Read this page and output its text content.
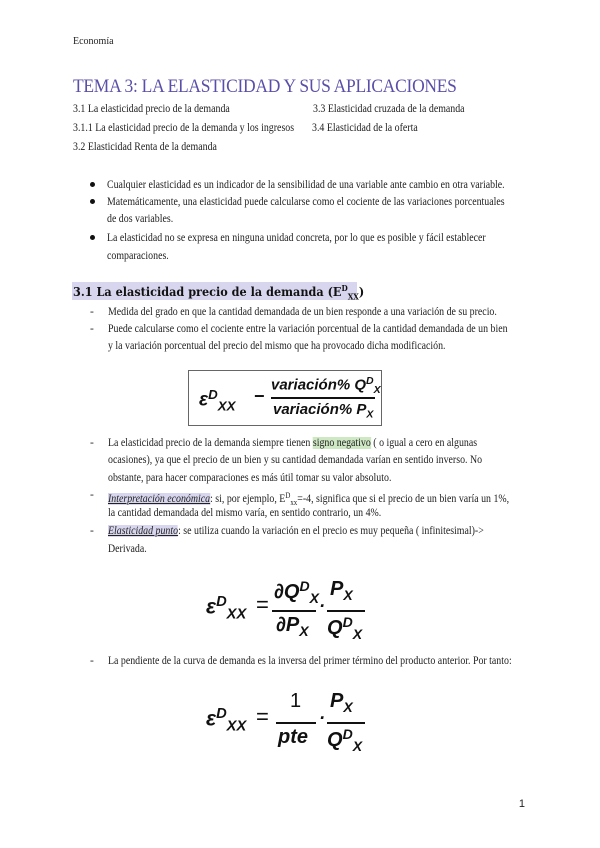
Economía
TEMA 3: LA ELASTICIDAD Y SUS APLICACIONES
3.1 La elasticidad precio de la demanda
3.1.1 La elasticidad precio de la demanda y los ingresos
3.2 Elasticidad Renta de la demanda
3.3 Elasticidad cruzada de la demanda
3.4 Elasticidad de la oferta
Cualquier elasticidad es un indicador de la sensibilidad de una variable ante cambio en otra variable.
Matemáticamente, una elasticidad puede calcularse como el cociente de las variaciones porcentuales
de dos variables.
La elasticidad no se expresa en ninguna unidad concreta, por lo que es posible y fácil establecer
comparaciones.
3.1 La elasticidad precio de la demanda $(E^D_{XX})$
- Medida del grado en que la cantidad demandada de un bien responde a una variación de su precio.
- Puede calcularse como el cociente entre la variación porcentual de la cantidad demandada de un bien
y la variación porcentual del precio del mismo que ha provocado dicha modificación.
$\varepsilon^D_{XX}$ −
variación% $Q^D_X$
variación% $P_X$
- La elasticidad precio de la demanda siempre tienen signo negativo ( o igual a cero en algunas
ocasiones), ya que el precio de un bien y su cantidad demandada varían en sentido inverso. No
obstante, para hacer comparaciones es más útil tomar su valor absoluto.
- Interpretación económica: si, por ejemplo, $E^D_{xx}=-4$, significa que si el precio de un bien varía un 1%,
la cantidad demandada del mismo varía, en sentido contrario, un 4%.
- Elasticidad punto: se utiliza cuando la variación en el precio es muy pequeña ( infinitesimal)->
Derivada.
$\varepsilon^D_{XX} = \partial Q^D_X$
$\partial P_X$
·
$P_X$
$Q^D_X$
- La pendiente de la curva de demanda es la inversa del primer término del producto anterior. Por tanto:
$\varepsilon^D_{XX}$ =
1
pte
·
$P_X$
$Q^D_X$
1
